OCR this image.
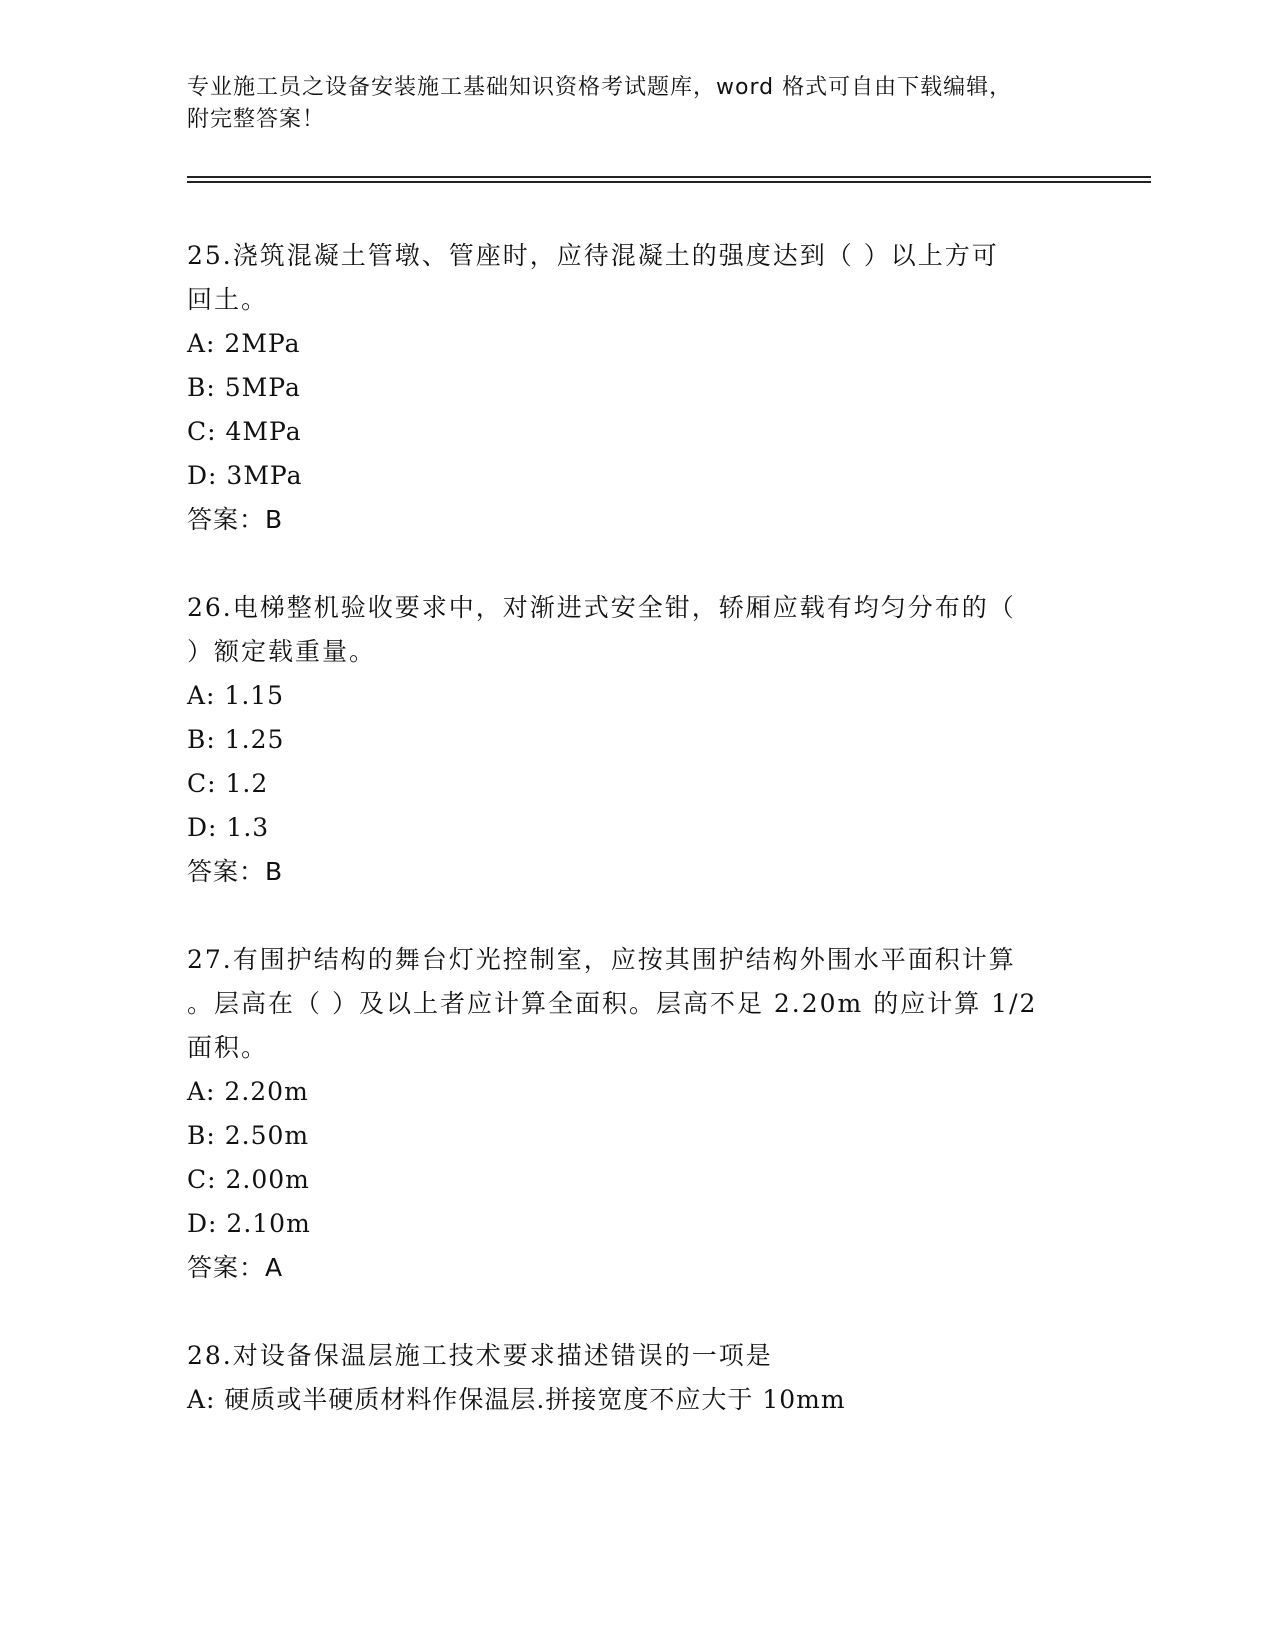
专业施工员之设备安装施工基础知识资格考试题库，word 格式可自由下载编辑，
附完整答案！
25.浇筑混凝土管墩、管座时，应待混凝土的强度达到（ ）以上方可
回土。
A: 2MPa
B: 5MPa
C: 4MPa
D: 3MPa
答案：B
26.电梯整机验收要求中，对渐进式安全钳，轿厢应载有均匀分布的（
）额定载重量。
A: 1.15
B: 1.25
C: 1.2
D: 1.3
答案：B
27.有围护结构的舞台灯光控制室，应按其围护结构外围水平面积计算
。层高在（ ）及以上者应计算全面积。层高不足 2.20m 的应计算 1/2
面积。
A: 2.20m
B: 2.50m
C: 2.00m
D: 2.10m
答案：A
28.对设备保温层施工技术要求描述错误的一项是
A: 硬质或半硬质材料作保温层.拼接宽度不应大于 10mm
